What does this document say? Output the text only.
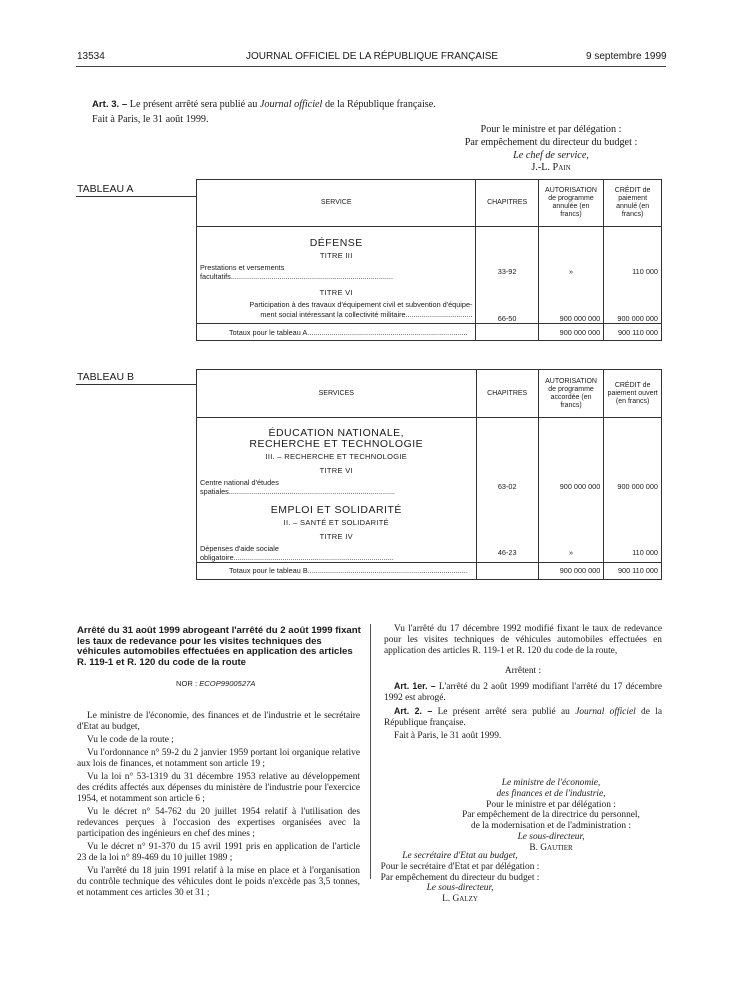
13534	JOURNAL OFFICIEL DE LA RÉPUBLIQUE FRANÇAISE	9 septembre 1999
Art. 3. – Le présent arrêté sera publié au Journal officiel de la République française.
Fait à Paris, le 31 août 1999.
Pour le ministre et par délégation :
Par empêchement du directeur du budget :
Le chef de service,
J.-L. Pain
TABLEAU A
SERVICE	CHAPITRES	AUTORISATION de programme annulée (en francs)	CRÉDIT de paiement annulé (en francs)
DÉFENSE			
TITRE III			
Prestations et versements facultatifs................................................................................	33-92	»	110 000
TITRE VI			

Participation à des travaux d'équipement civil et subvention d'équipe-
ment social intéressant la collectivité militaire.................................	66-50	900 000 000	900 000 000
Totaux pour le tableau A...............................................................................		900 000 000	900 110 000
TABLEAU B
SERVICES	CHAPITRES	AUTORISATION de programme accordée (en francs)	CRÉDIT de paiement ouvert (en francs)

ÉDUCATION NATIONALE,
RECHERCHE ET TECHNOLOGIE			

III. – RECHERCHE ET TECHNOLOGIE			
TITRE VI			
Centre national d'études spatiales..................................................................................	63-02	900 000 000	900 000 000
EMPLOI ET SOLIDARITÉ			
II. – SANTÉ ET SOLIDARITÉ			
TITRE IV			
Dépenses d'aide sociale obligatoire...............................................................................	46-23	»	110 000
Totaux pour le tableau B...............................................................................		900 000 000	900 110 000
Arrêté du 31 août 1999 abrogeant l'arrêté du 2 août 1999 fixant les taux de redevance pour les visites techniques des véhicules automobiles effectuées en application des articles R. 119-1 et R. 120 du code de la route
NOR : ECOP9900527A

Le ministre de l'économie, des finances et de l'industrie et le secrétaire d'Etat au budget,

Vu le code de la route ;

Vu l'ordonnance n° 59-2 du 2 janvier 1959 portant loi organique relative aux lois de finances, et notamment son article 19 ;

Vu la loi n° 53-1319 du 31 décembre 1953 relative au développement des crédits affectés aux dépenses du ministère de l'industrie pour l'exercice 1954, et notamment son article 6 ;

Vu le décret n° 54-762 du 20 juillet 1954 relatif à l'utilisation des redevances perçues à l'occasion des expertises organisées avec la participation des ingénieurs en chef des mines ;

Vu le décret n° 91-370 du 15 avril 1991 pris en application de l'article 23 de la loi n° 89-469 du 10 juillet 1989 ;

Vu l'arrêté du 18 juin 1991 relatif à la mise en place et à l'organisation du contrôle technique des véhicules dont le poids n'excède pas 3,5 tonnes, et notamment ces articles 30 et 31 ;

Vu l'arrêté du 17 décembre 1992 modifié fixant le taux de redevance pour les visites techniques de véhicules automobiles effectuées en application des articles R. 119-1 et R. 120 du code de la route,

Arrêtent :

Art. 1er. – L'arrêté du 2 août 1999 modifiant l'arrêté du 17 décembre 1992 est abrogé.

Art. 2. – Le présent arrêté sera publié au Journal officiel de la République française.

Fait à Paris, le 31 août 1999.

Le ministre de l'économie,
des finances et de l'industrie,
Pour le ministre et par délégation :
Par empêchement de la directrice du personnel,
de la modernisation et de l'administration :
Le sous-directeur,
B. Gautier
Le secrétaire d'Etat au budget,
Pour le secrétaire d'Etat et par délégation :
Par empêchement du directeur du budget :
Le sous-directeur,
L. Galzy
